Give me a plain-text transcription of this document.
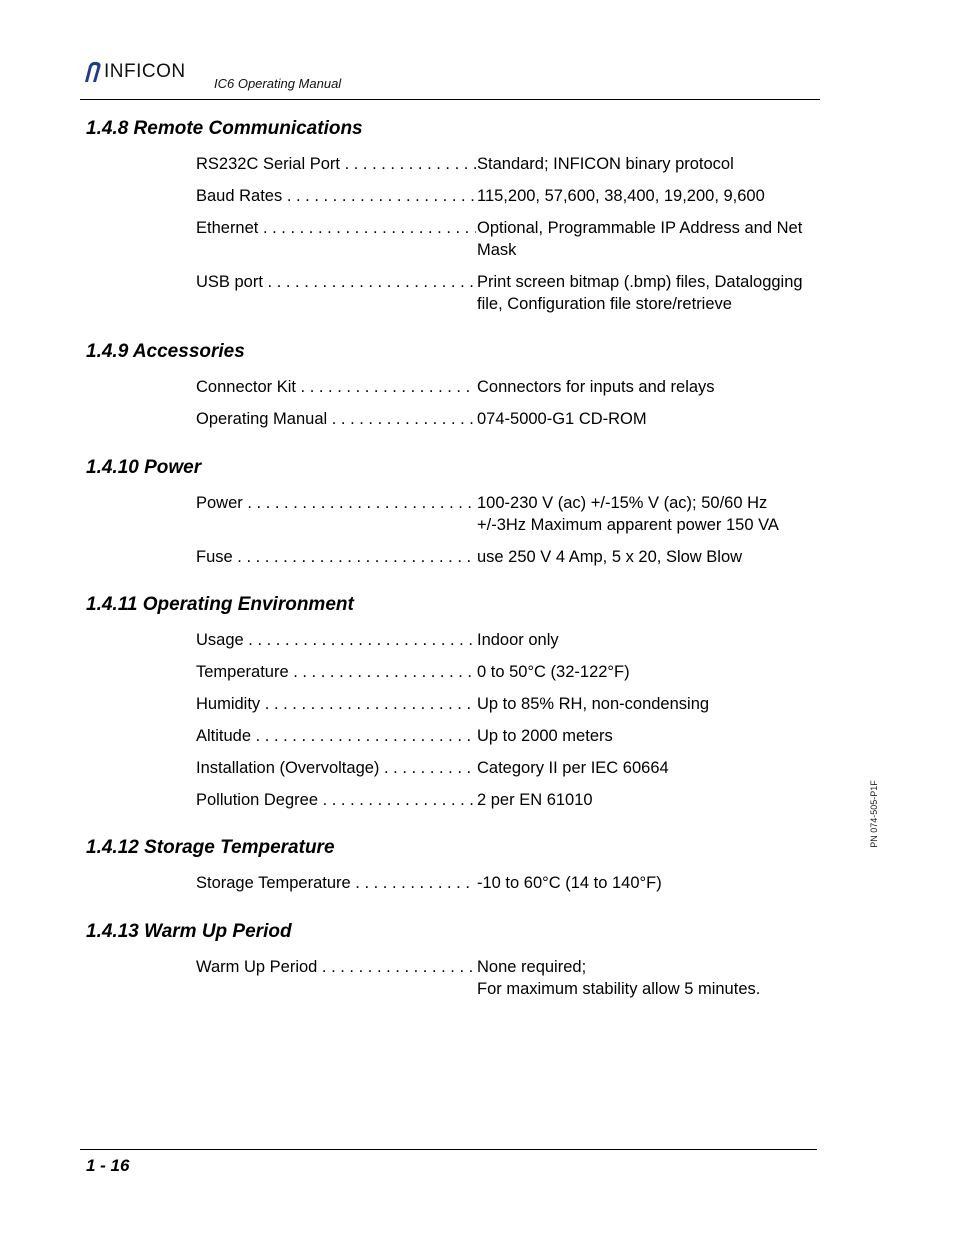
INFICON
IC6 Operating Manual
1.4.8 Remote Communications
RS232C Serial Port . . .	Standard; INFICON binary protocol
Baud Rates . . .	115,200, 57,600, 38,400, 19,200, 9,600
Ethernet . . .	Optional, Programmable IP Address and Net Mask
USB port . . .	Print screen bitmap (.bmp) files, Datalogging file, Configuration file store/retrieve
1.4.9 Accessories
Connector Kit . . .	Connectors for inputs and relays
Operating Manual . . .	074-5000-G1 CD-ROM
1.4.10 Power
Power . . .	100-230 V (ac) +/-15% V (ac); 50/60 Hz
+/-3Hz Maximum apparent power 150 VA
Fuse . . .	use 250 V 4 Amp, 5 x 20, Slow Blow
1.4.11 Operating Environment
Usage . . .	Indoor only
Temperature . . .	0 to 50°C (32-122°F)
Humidity . . .	Up to 85% RH, non-condensing
Altitude . . .	Up to 2000 meters
Installation (Overvoltage) . . .	Category II per IEC 60664
Pollution Degree . . .	2 per EN 61010
1.4.12 Storage Temperature
Storage Temperature . . .	-10 to 60°C (14 to 140°F)
1.4.13 Warm Up Period
Warm Up Period . . .	None required;
For maximum stability allow 5 minutes.
PN 074-505-P1F
1 - 16
